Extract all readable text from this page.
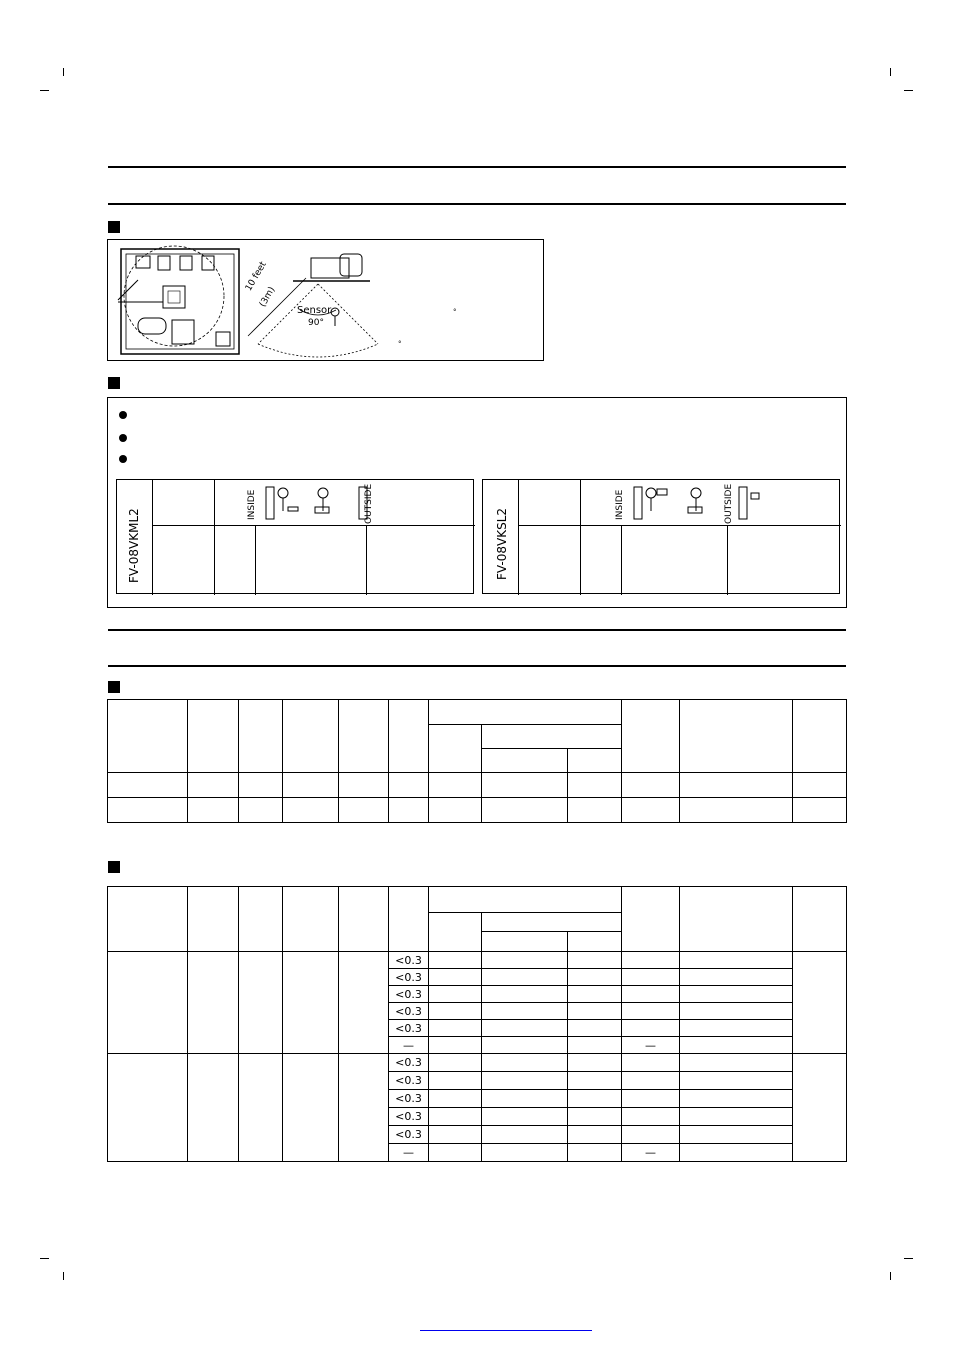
10 feet
(3m)
Sensor
90°
°
°
FV-08VKML2
INSIDE	OUTSIDE
FV-08VKSL2
INSIDE	OUTSIDE

					<0.3						
					<0.3						
					<0.3						
					<0.3						
					<0.3						
					—				—		
					<0.3						
					<0.3						
					<0.3						
					<0.3						
					<0.3						
					—				—		
